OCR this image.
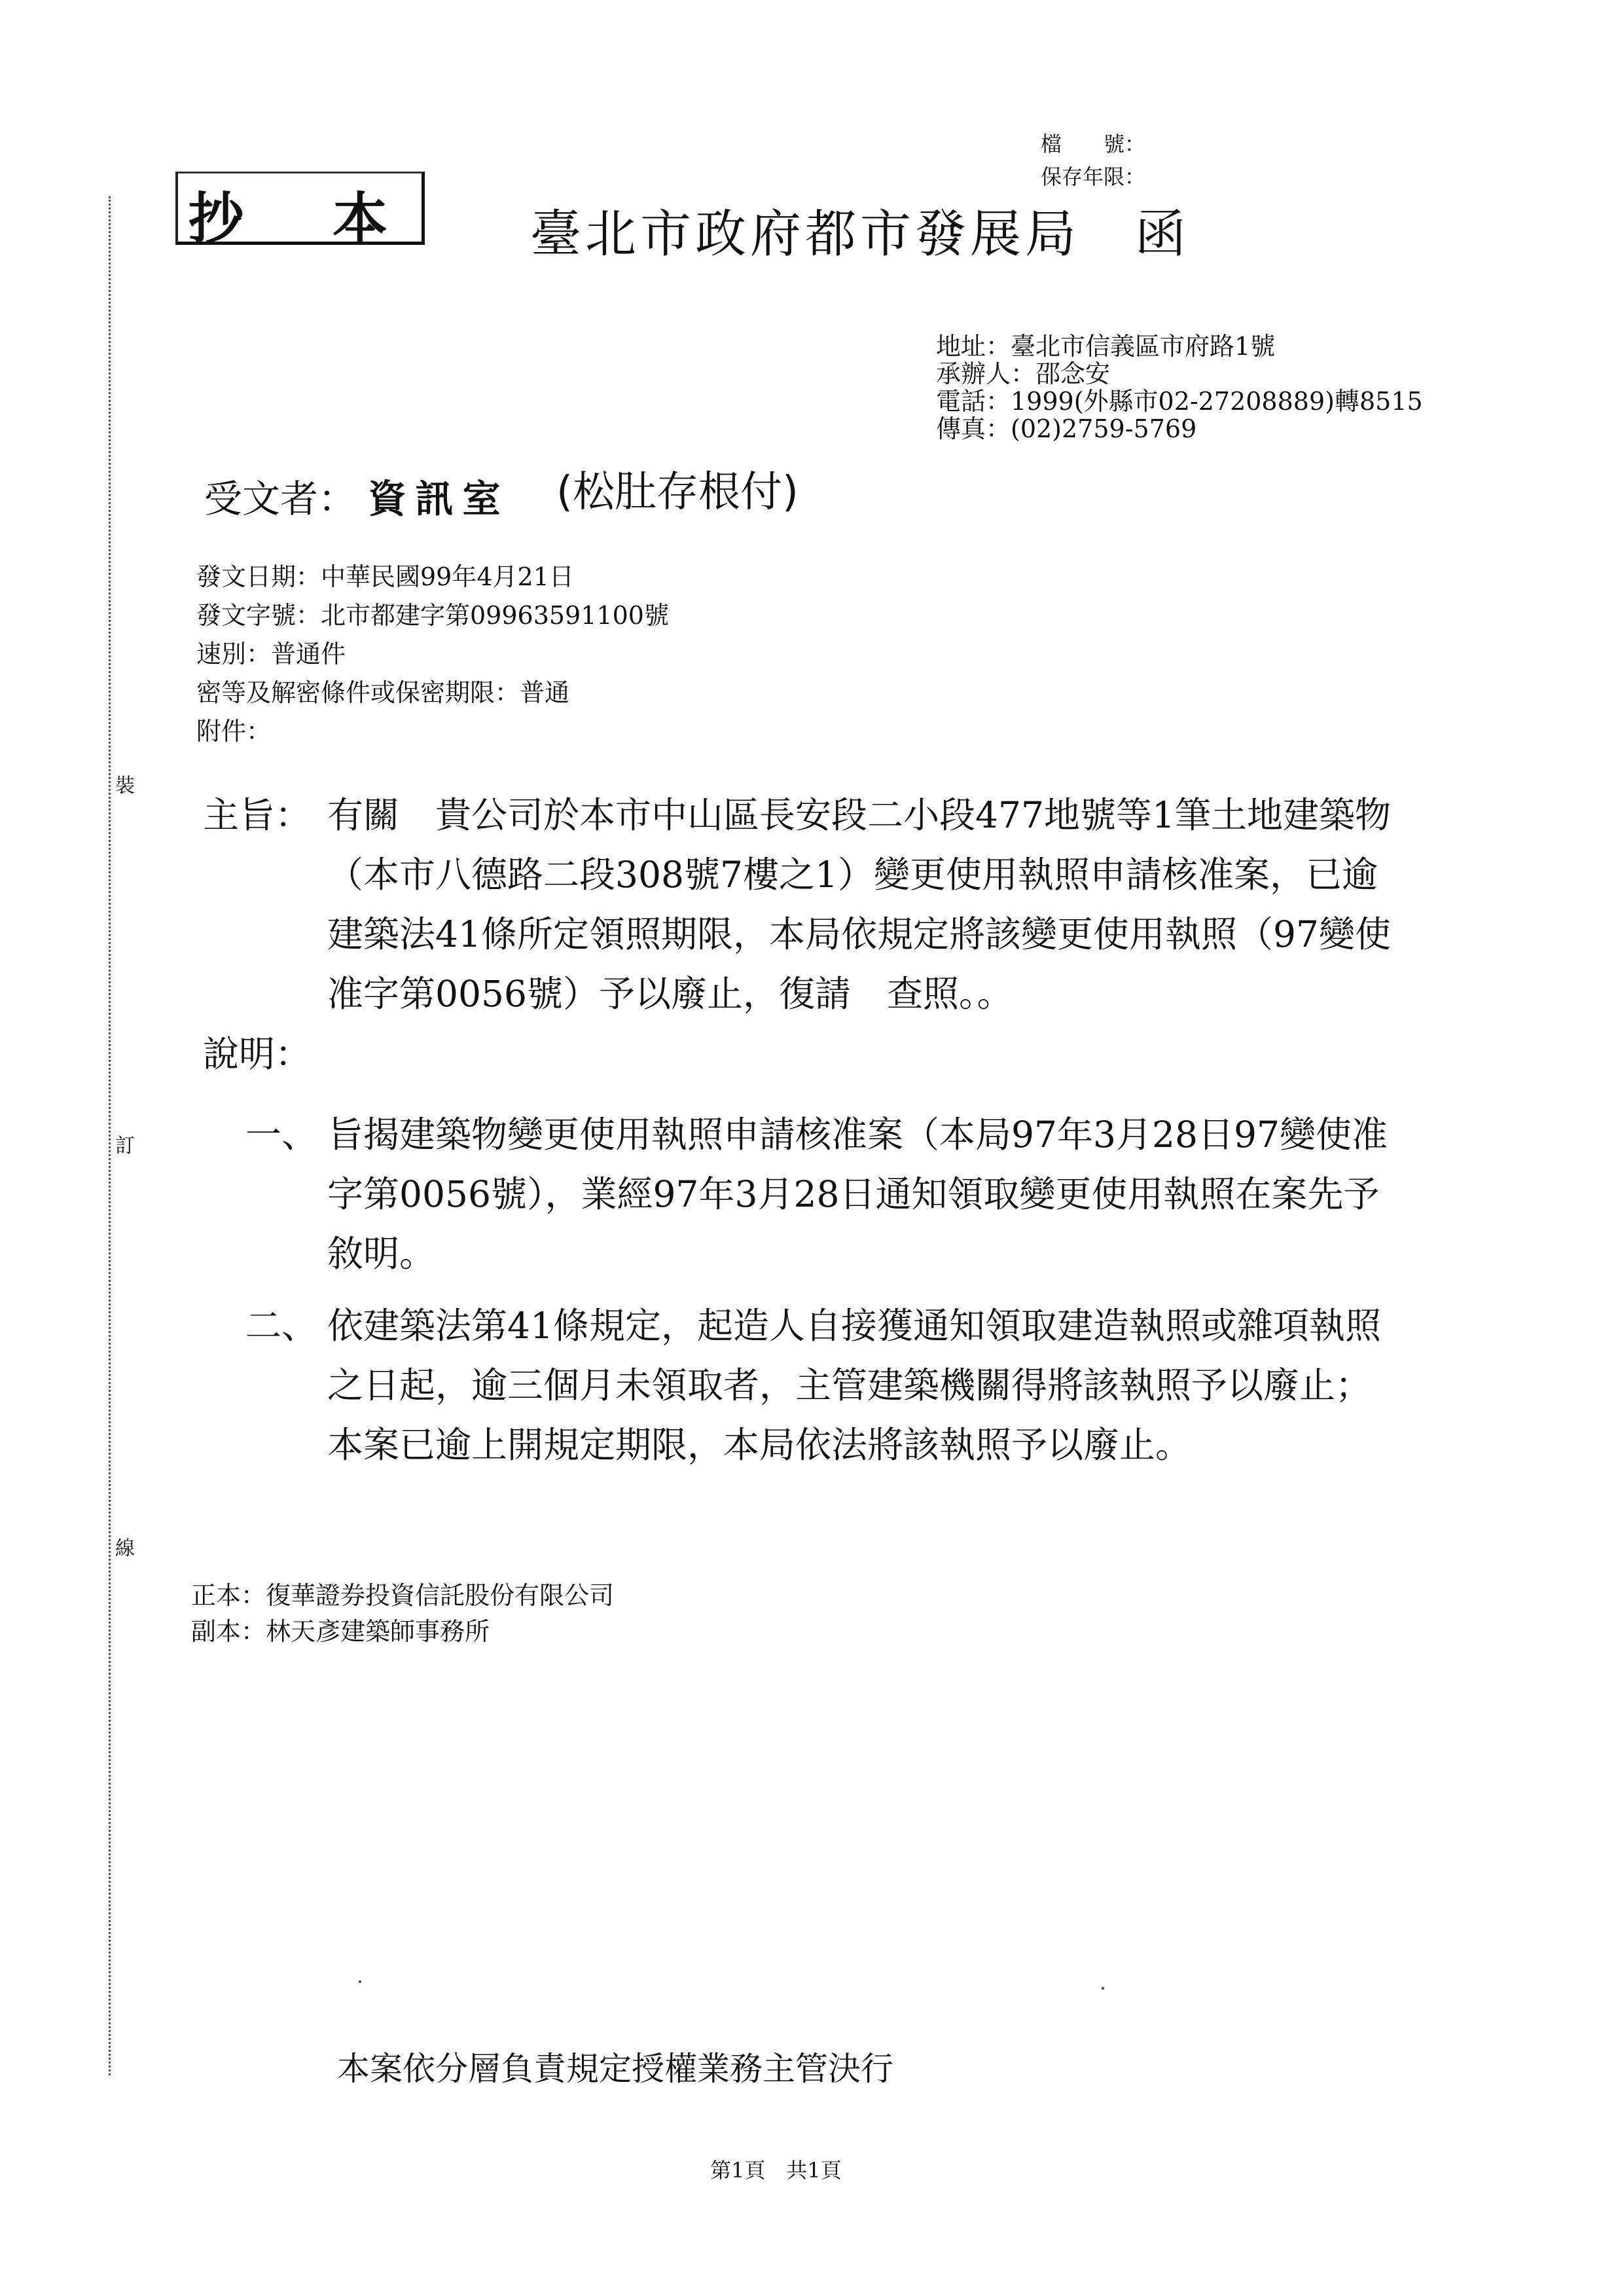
裝
訂
線
檔　　號：
保存年限：
抄 本	臺北市政府都市發展局　函
地址：臺北市信義區市府路1號
承辦人：邵念安
電話：1999(外縣市02-27208889)轉8515
傳真：(02)2759-5769
受文者： 資訊室 (松肚存根付)
發文日期：中華民國99年4月21日
發文字號：北市都建字第09963591100號
速別：普通件
密等及解密條件或保密期限：普通
附件：
主旨： 有關　貴公司於本市中山區長安段二小段477地號等1筆土地建築物（本市八德路二段308號7樓之1）變更使用執照申請核准案，已逾建築法41條所定領照期限，本局依規定將該變更使用執照（97變使准字第0056號）予以廢止，復請　查照。。
說明：
一、 旨揭建築物變更使用執照申請核准案（本局97年3月28日97變使准字第0056號），業經97年3月28日通知領取變更使用執照在案先予敘明。
二、 依建築法第41條規定，起造人自接獲通知領取建造執照或雜項執照之日起，逾三個月未領取者，主管建築機關得將該執照予以廢止；本案已逾上開規定期限，本局依法將該執照予以廢止。
正本：復華證券投資信託股份有限公司
副本：林天彥建築師事務所
本案依分層負責規定授權業務主管決行
第1頁　共1頁
